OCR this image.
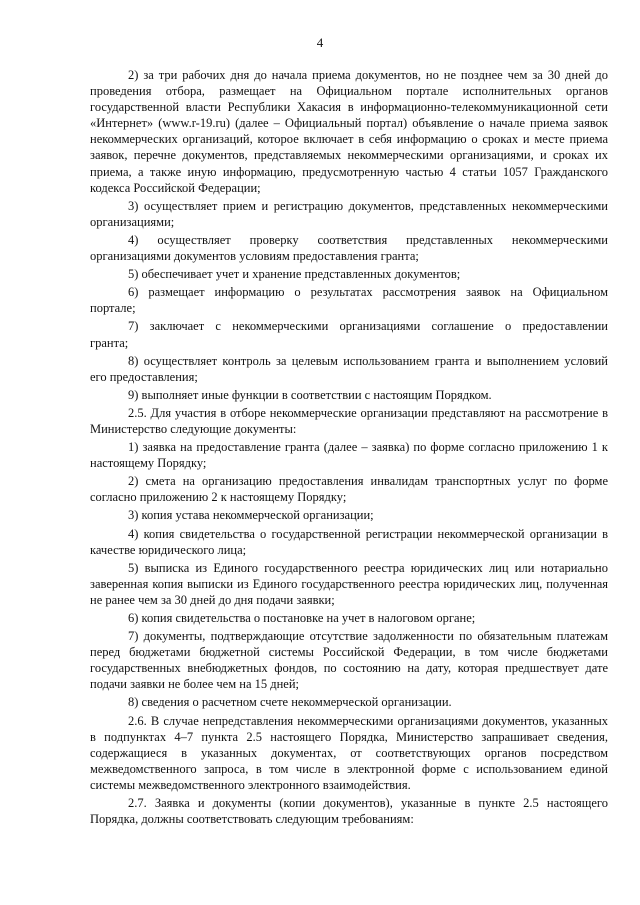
4

2) за три рабочих дня до начала приема документов, но не позднее чем за 30 дней до проведения отбора, размещает на Официальном портале исполнительных органов государственной власти Республики Хакасия в информационно-телекоммуникационной сети «Интернет» (www.r-19.ru) (далее – Официальный портал) объявление о начале приема заявок некоммерческих организаций, которое включает в себя информацию о сроках и месте приема заявок, перечне документов, представляемых некоммерческими организациями, и сроках их приема, а также иную информацию, предусмотренную частью 4 статьи 1057 Гражданского кодекса Российской Федерации;

3) осуществляет прием и регистрацию документов, представленных некоммерческими организациями;

4) осуществляет проверку соответствия представленных некоммерческими организациями документов условиям предоставления гранта;

5) обеспечивает учет и хранение представленных документов;

6) размещает информацию о результатах рассмотрения заявок на Официальном портале;

7) заключает с некоммерческими организациями соглашение о предоставлении гранта;

8) осуществляет контроль за целевым использованием гранта и выполнением условий его предоставления;

9) выполняет иные функции в соответствии с настоящим Порядком.

2.5. Для участия в отборе некоммерческие организации представляют на рассмотрение в Министерство следующие документы:

1) заявка на предоставление гранта (далее – заявка) по форме согласно приложению 1 к настоящему Порядку;

2) смета на организацию предоставления инвалидам транспортных услуг по форме согласно приложению 2 к настоящему Порядку;

3) копия устава некоммерческой организации;

4) копия свидетельства о государственной регистрации некоммерческой организации в качестве юридического лица;

5) выписка из Единого государственного реестра юридических лиц или нотариально заверенная копия выписки из Единого государственного реестра юридических лиц, полученная не ранее чем за 30 дней до дня подачи заявки;

6) копия свидетельства о постановке на учет в налоговом органе;

7) документы, подтверждающие отсутствие задолженности по обязательным платежам перед бюджетами бюджетной системы Российской Федерации, в том числе бюджетами государственных внебюджетных фондов, по состоянию на дату, которая предшествует дате подачи заявки не более чем на 15 дней;

8) сведения о расчетном счете некоммерческой организации.

2.6. В случае непредставления некоммерческими организациями документов, указанных в подпунктах 4–7 пункта 2.5 настоящего Порядка, Министерство запрашивает сведения, содержащиеся в указанных документах, от соответствующих органов посредством межведомственного запроса, в том числе в электронной форме с использованием единой системы межведомственного электронного взаимодействия.

2.7. Заявка и документы (копии документов), указанные в пункте 2.5 настоящего Порядка, должны соответствовать следующим требованиям:
